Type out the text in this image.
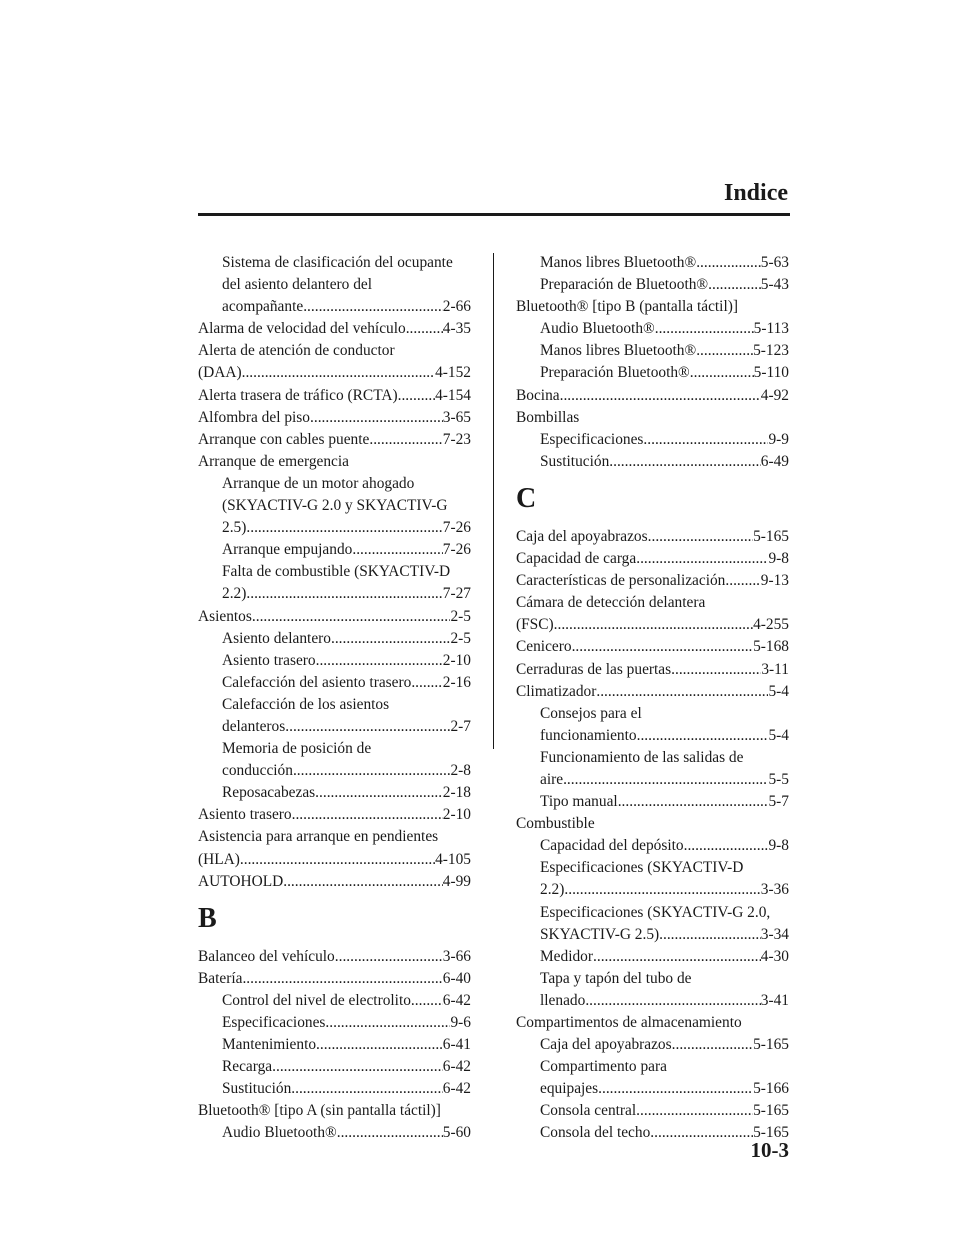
Indice
Sistema de clasificación del ocupante
del asiento delantero del
acompañante .....	2-66
Alarma de velocidad del vehículo ..... 4-35
Alerta de atención de conductor
(DAA) .....	4-152
Alerta trasera de tráfico (RCTA) ..... 4-154
Alfombra del piso .....	3-65
Arranque con cables puente .....	7-23
Arranque de emergencia
Arranque de un motor ahogado
(SKYACTIV-G 2.0 y SKYACTIV-G
2.5) .....	7-26
Arranque empujando .....	7-26
Falta de combustible (SKYACTIV-D
2.2) .....	7-27
Asientos .....	2-5
Asiento delantero .....	2-5
Asiento trasero .....	2-10
Calefacción del asiento trasero ..... 2-16
Calefacción de los asientos
delanteros .....	2-7
Memoria de posición de
conducción .....	2-8
Reposacabezas .....	2-18
Asiento trasero .....	2-10
Asistencia para arranque en pendientes
(HLA) .....	4-105
AUTOHOLD .....	4-99
B
Balanceo del vehículo .....	3-66
Batería .....	6-40
Control del nivel de electrolito ..... 6-42
Especificaciones .....	9-6
Mantenimiento .....	6-41
Recarga .....	6-42
Sustitución .....	6-42
Bluetooth® [tipo A (sin pantalla táctil)]
Audio Bluetooth® .....	5-60
Manos libres Bluetooth® .....	5-63
Preparación de Bluetooth® .....	5-43
Bluetooth® [tipo B (pantalla táctil)]
Audio Bluetooth® .....	5-113
Manos libres Bluetooth® .....	5-123
Preparación Bluetooth® .....	5-110
Bocina .....	4-92
Bombillas
Especificaciones .....	9-9
Sustitución .....	6-49
C
Caja del apoyabrazos .....	5-165
Capacidad de carga .....	9-8
Características de personalización ..... 9-13
Cámara de detección delantera
(FSC) .....	4-255
Cenicero .....	5-168
Cerraduras de las puertas .....	3-11
Climatizador .....	5-4
Consejos para el
funcionamiento .....	5-4
Funcionamiento de las salidas de
aire .....	5-5
Tipo manual .....	5-7
Combustible
Capacidad del depósito .....	9-8
Especificaciones (SKYACTIV-D
2.2) .....	3-36
Especificaciones (SKYACTIV-G 2.0,
SKYACTIV-G 2.5) .....	3-34
Medidor .....	4-30
Tapa y tapón del tubo de
llenado .....	3-41
Compartimentos de almacenamiento
Caja del apoyabrazos .....	5-165
Compartimento para
equipajes .....	5-166
Consola central .....	5-165
Consola del techo .....	5-165
10-3
